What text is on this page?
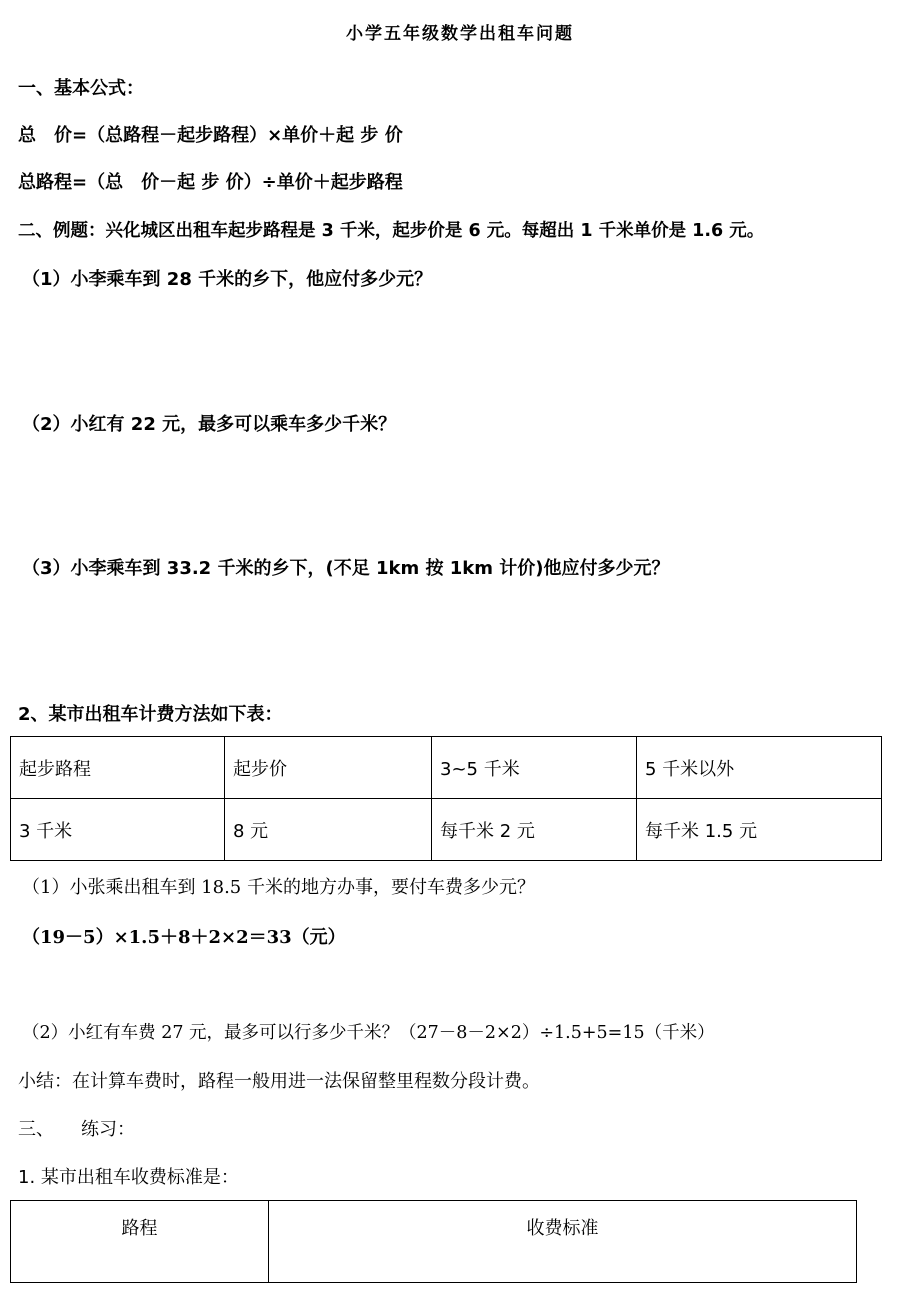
小学五年级数学出租车问题
一、基本公式：
总　价=（总路程－起步路程）×单价＋起 步 价
总路程=（总　价－起 步 价）÷单价＋起步路程
二、例题：兴化城区出租车起步路程是 3 千米，起步价是 6 元。每超出 1 千米单价是 1.6 元。
（1）小李乘车到 28 千米的乡下，他应付多少元？
（2）小红有 22 元，最多可以乘车多少千米？
（3）小李乘车到 33.2 千米的乡下，(不足 1km 按 1km 计价)他应付多少元？
2、某市出租车计费方法如下表：
起步路程	起步价	3~5 千米	5 千米以外
3 千米	8 元	每千米 2 元	每千米 1.5 元
（1）小张乘出租车到 18.5 千米的地方办事，要付车费多少元？
（19－5）×1.5＋8＋2×2＝33（元）
（2）小红有车费 27 元，最多可以行多少千米？（27－8－2×2）÷1.5+5=15（千米）
小结：在计算车费时，路程一般用进一法保留整里程数分段计费。
三、　　练习：
1. 某市出租车收费标准是：
路程	收费标准
